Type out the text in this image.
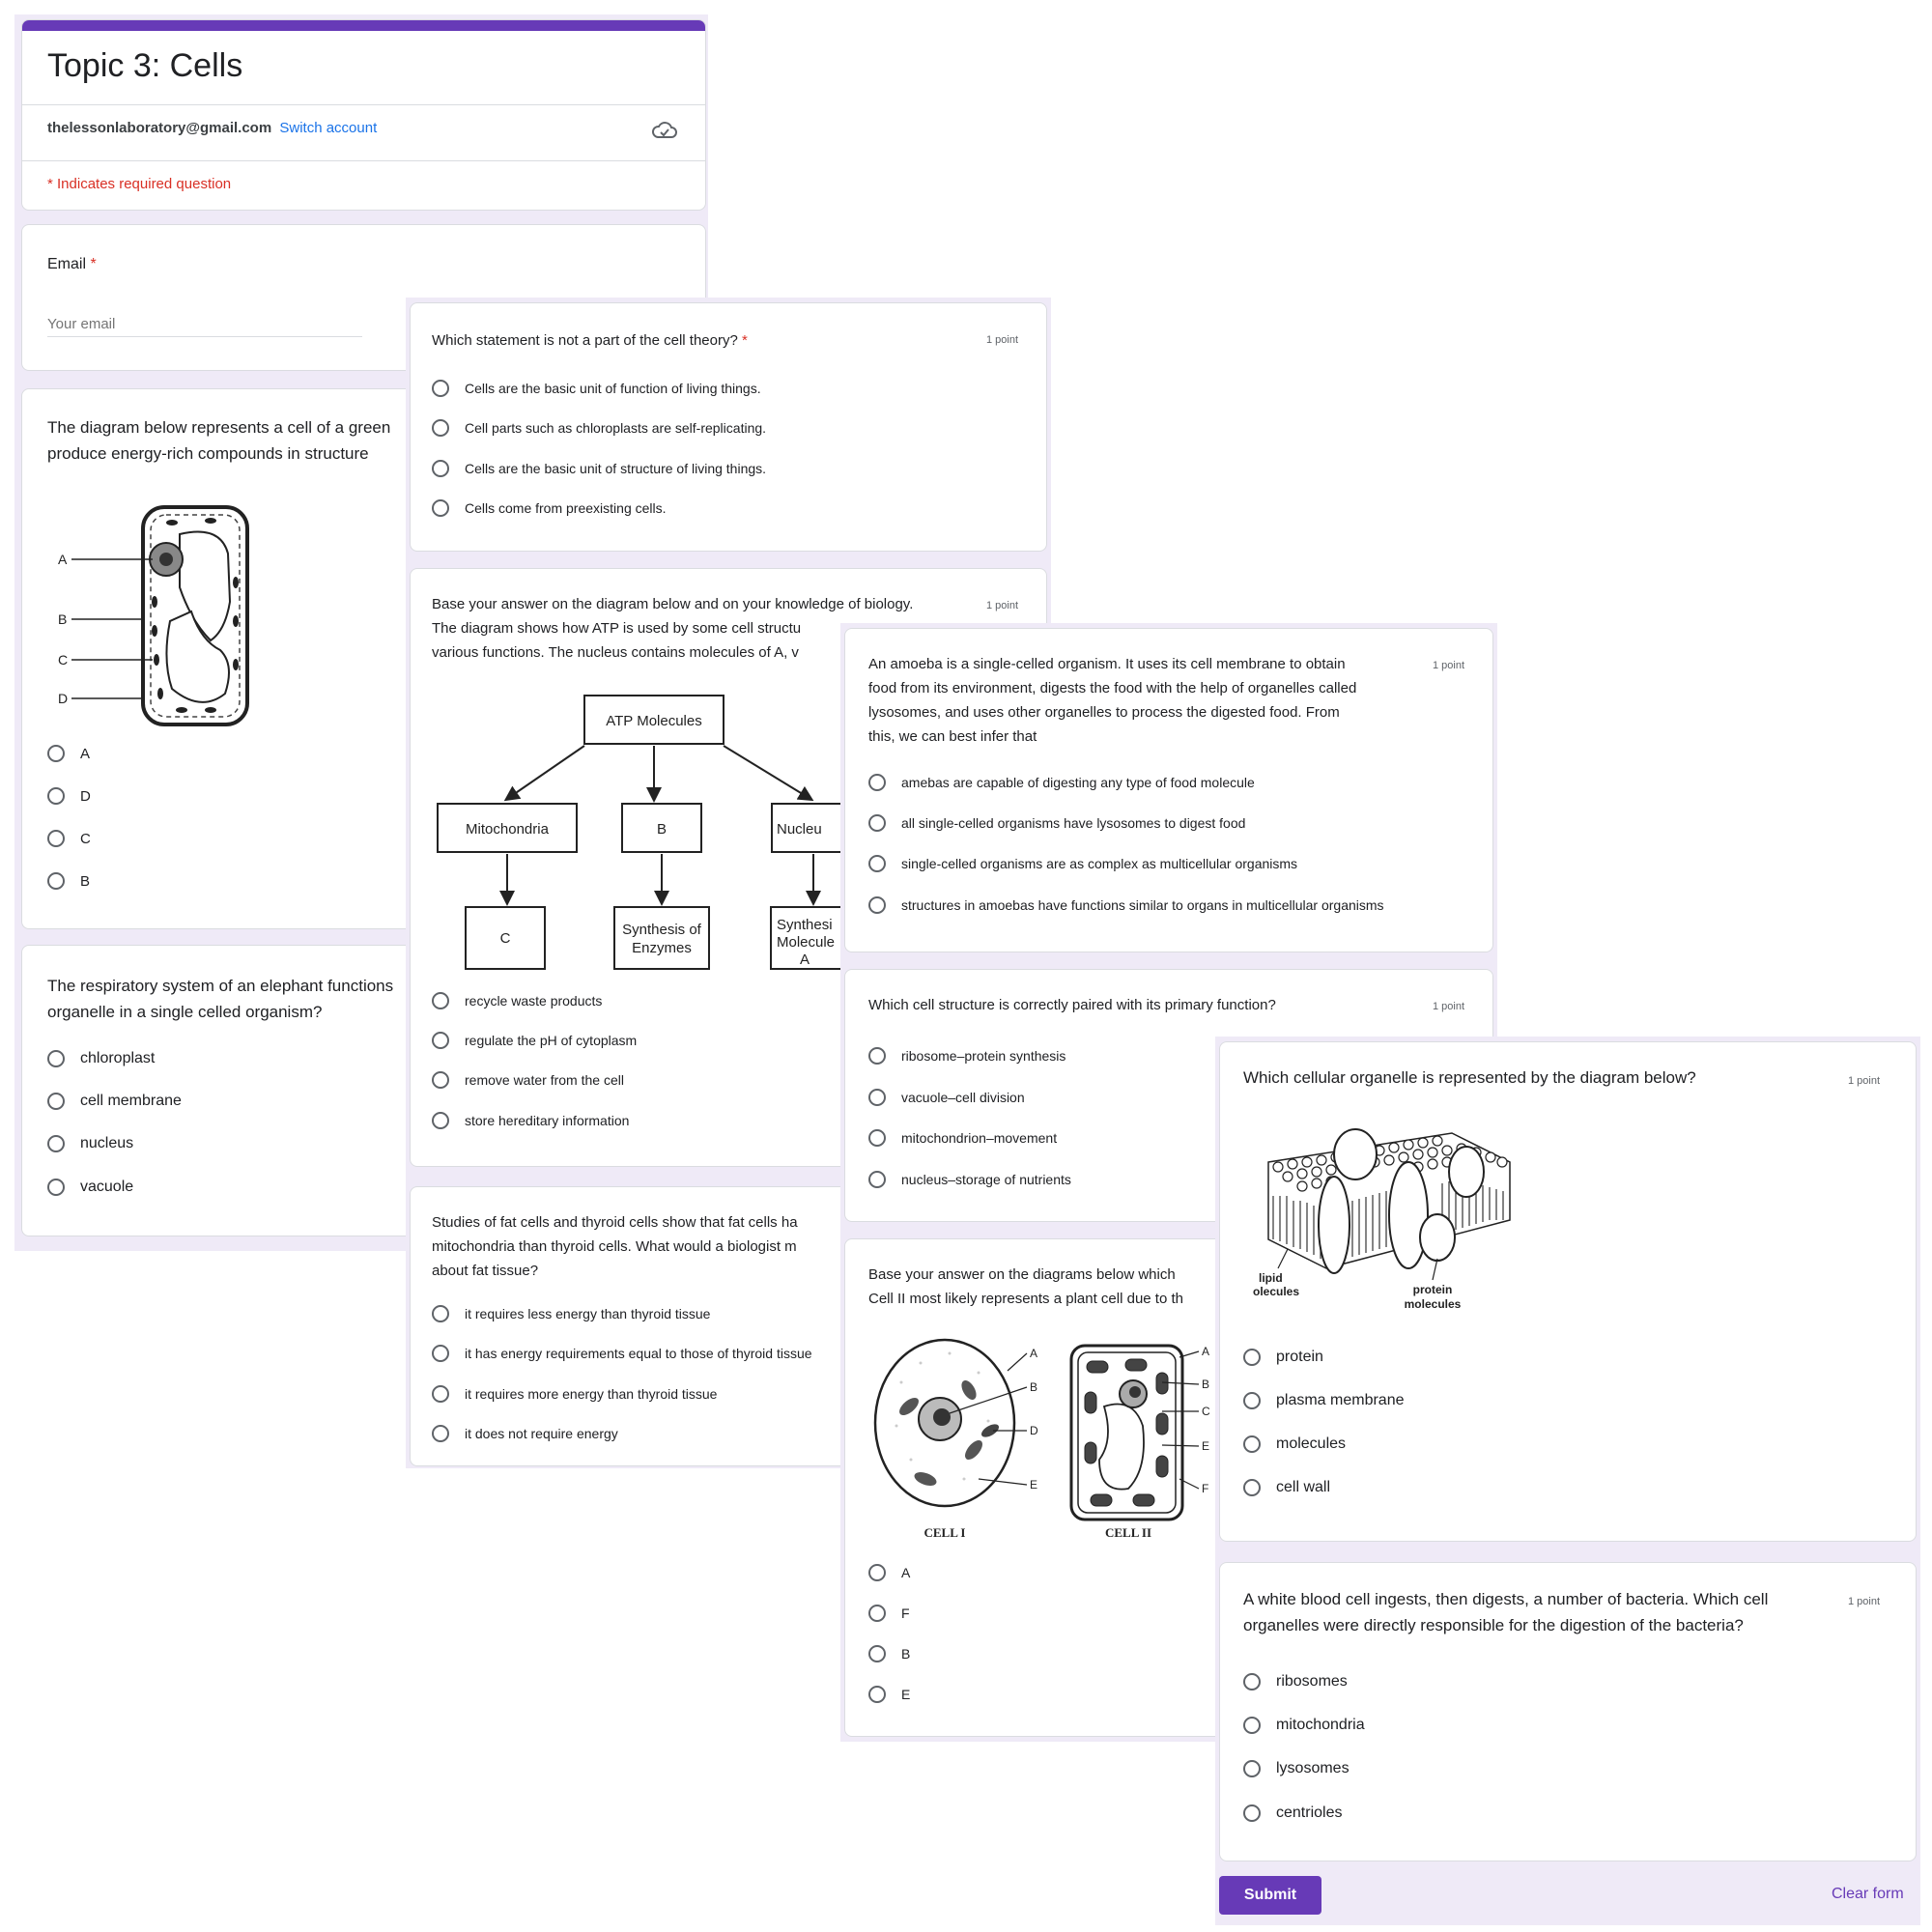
Topic 3: Cells
thelessonlaboratory@gmail.com Switch account
* Indicates required question
Email *
Your email
The diagram below represents a cell of a green
produce energy-rich compounds in structure
A
B
C
D
A
D
C
B
The respiratory system of an elephant functions
organelle in a single celled organism?
chloroplast
cell membrane
nucleus
vacuole
Which statement is not a part of the cell theory? *	1 point
Cells are the basic unit of function of living things.
Cell parts such as chloroplasts are self-replicating.
Cells are the basic unit of structure of living things.
Cells come from preexisting cells.
Base your answer on the diagram below and on your knowledge of biology.
The diagram shows how ATP is used by some cell structu
various functions. The nucleus contains molecules of A, v
1 point
ATP Molecules
Mitochondria	B	Nucleu
C
Synthesis of
Enzymes
Synthesi
Molecule
A
recycle waste products
regulate the pH of cytoplasm
remove water from the cell
store hereditary information
Studies of fat cells and thyroid cells show that fat cells ha
mitochondria than thyroid cells. What would a biologist m
about fat tissue?
it requires less energy than thyroid tissue
it has energy requirements equal to those of thyroid tissue
it requires more energy than thyroid tissue
it does not require energy
An amoeba is a single-celled organism. It uses its cell membrane to obtain
food from its environment, digests the food with the help of organelles called
lysosomes, and uses other organelles to process the digested food. From
this, we can best infer that
1 point
amebas are capable of digesting any type of food molecule
all single-celled organisms have lysosomes to digest food
single-celled organisms are as complex as multicellular organisms
structures in amoebas have functions similar to organs in multicellular organisms
Which cell structure is correctly paired with its primary function?	1 point
ribosome–protein synthesis
vacuole–cell division
mitochondrion–movement
nucleus–storage of nutrients
Base your answer on the diagrams below which
Cell II most likely represents a plant cell due to th
A
B
D
E
CELL I
A
B
C
E
F
CELL II
A
F
B
E
Which cellular organelle is represented by the diagram below?	1 point
lipid
olecules	protein
molecules
protein
plasma membrane
molecules
cell wall
A white blood cell ingests, then digests, a number of bacteria. Which cell
organelles were directly responsible for the digestion of the bacteria?
1 point
ribosomes
mitochondria
lysosomes
centrioles
Submit	Clear form
